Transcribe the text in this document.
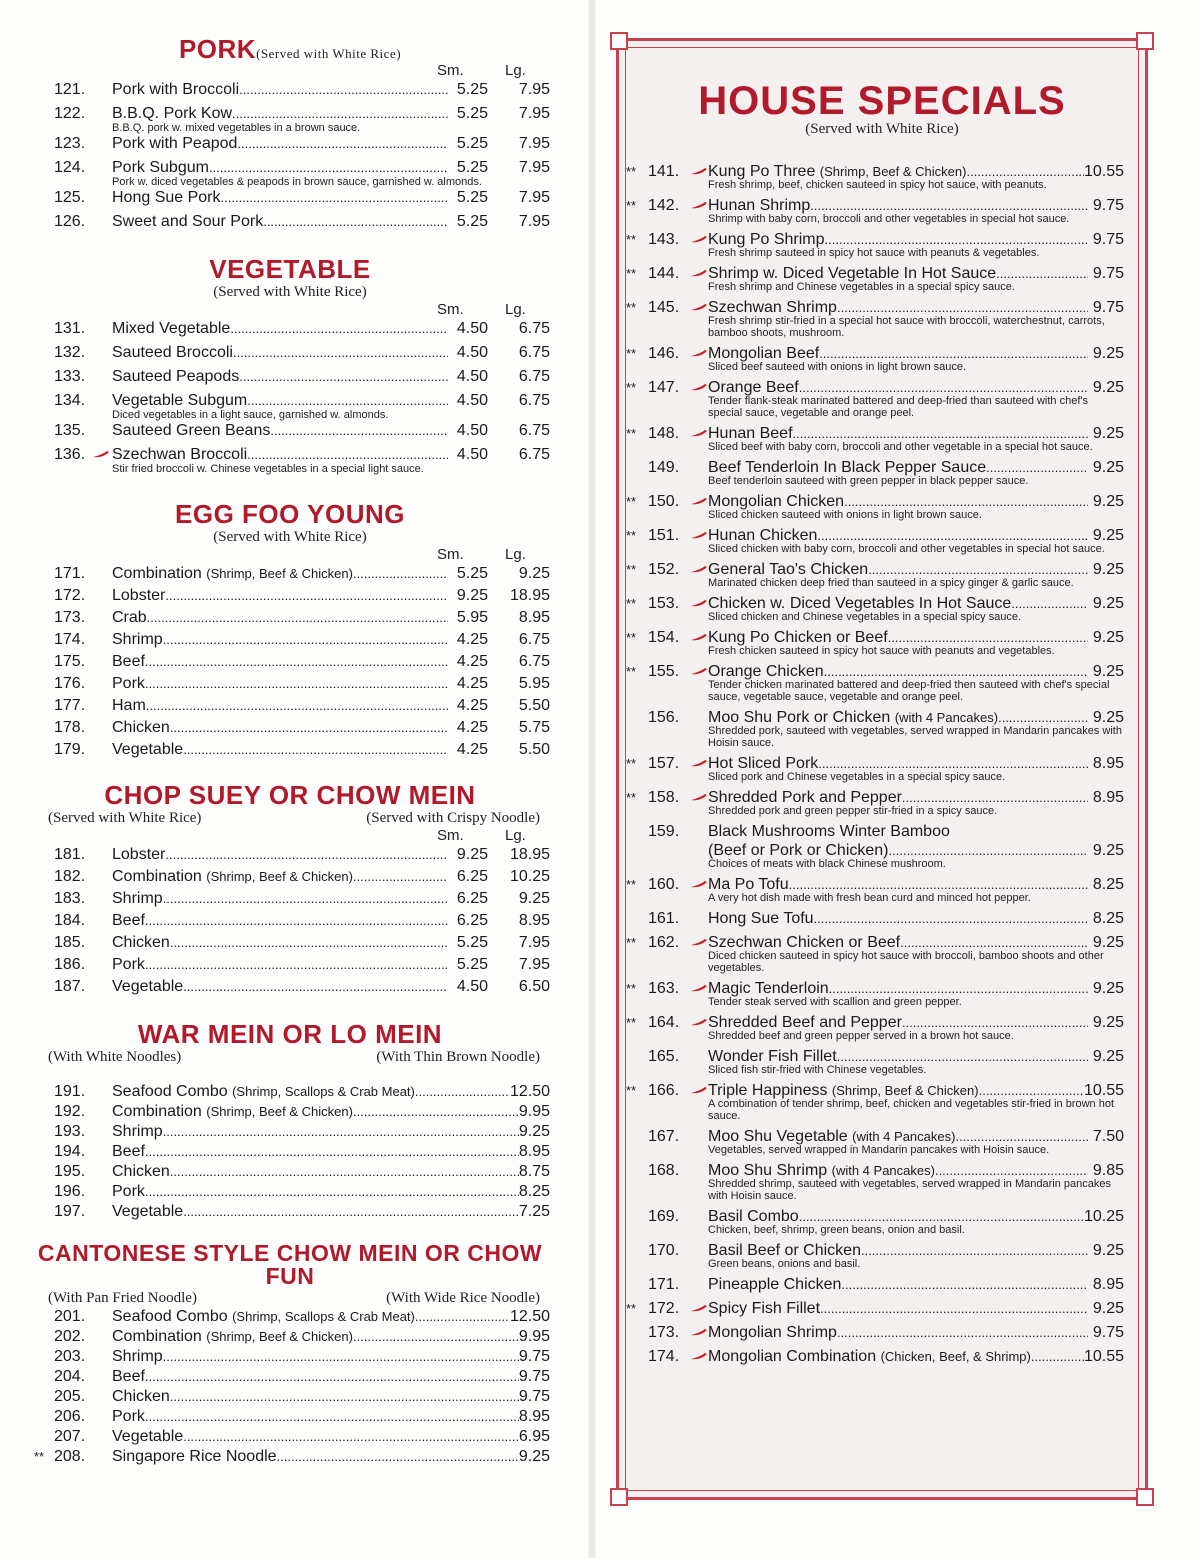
PORK(Served with White Rice)
Sm.	Lg.
121.	Pork with Broccoli .....	5.25	7.95
122.	B.B.Q. Pork Kow .....	5.25	7.95
B.B.Q. pork w. mixed vegetables in a brown sauce.
123.	Pork with Peapod .....	5.25	7.95
124.	Pork Subgum .....	5.25	7.95
Pork w. diced vegetables & peapods in brown sauce, garnished w. almonds.
125.	Hong Sue Pork .....	5.25	7.95
126.	Sweet and Sour Pork .....	5.25	7.95
VEGETABLE
(Served with White Rice)
Sm.	Lg.
131.	Mixed Vegetable .....	4.50	6.75
132.	Sauteed Broccoli .....	4.50	6.75
133.	Sauteed Peapods .....	4.50	6.75
134.	Vegetable Subgum .....	4.50	6.75
Diced vegetables in a light sauce, garnished w. almonds.
135.	Sauteed Green Beans .....	4.50	6.75
136.	Szechwan Broccoli .....	4.50	6.75
Stir fried broccoli w. Chinese vegetables in a special light sauce.
EGG FOO YOUNG
(Served with White Rice)
Sm.	Lg.
171.	Combination
(Shrimp, Beef & Chicken) .....	5.25	9.25
172.	Lobster .....	9.25	18.95
173.	Crab .....	5.95	8.95
174.	Shrimp .....	4.25	6.75
175.	Beef .....	4.25	6.75
176.	Pork .....	4.25	5.95
177.	Ham .....	4.25	5.50
178.	Chicken .....	4.25	5.75
179.	Vegetable .....	4.25	5.50
CHOP SUEY OR CHOW MEIN
(Served with White Rice)	(Served with Crispy Noodle)
Sm.	Lg.
181.	Lobster .....	9.25	18.95
182.	Combination
(Shrimp, Beef & Chicken) .....	6.25	10.25
183.	Shrimp .....	6.25	9.25
184.	Beef .....	6.25	8.95
185.	Chicken .....	5.25	7.95
186.	Pork .....	5.25	7.95
187.	Vegetable .....	4.50	6.50
WAR MEIN OR LO MEIN
(With White Noodles)	(With Thin Brown Noodle)
191.	Seafood Combo
(Shrimp, Scallops & Crab Meat) .....	12.50
192.	Combination
(Shrimp, Beef & Chicken) .....	9.95
193.	Shrimp .....	9.25
194.	Beef .....	8.95
195.	Chicken .....	8.75
196.	Pork .....	8.25
197.	Vegetable .....	7.25
CANTONESE STYLE CHOW MEIN OR CHOW FUN
(With Pan Fried Noodle)	(With Wide Rice Noodle)
201.	Seafood Combo
(Shrimp, Scallops & Crab Meat) .....	12.50
202.	Combination
(Shrimp, Beef & Chicken) .....	9.95
203.	Shrimp .....	9.75
204.	Beef .....	9.75
205.	Chicken .....	9.75
206.	Pork .....	8.95
207.	Vegetable .....	6.95
** 208.	Singapore Rice Noodle .....	9.25
HOUSE SPECIALS
(Served with White Rice)
** 141.	Kung Po Three
(Shrimp, Beef & Chicken) .....	10.55
Fresh shrimp, beef, chicken sauteed in spicy hot sauce, with peanuts.
** 142.	Hunan Shrimp .....	9.75
Shrimp with baby corn, broccoli and other vegetables in special hot sauce.
** 143.	Kung Po Shrimp .....	9.75
Fresh shrimp sauteed in spicy hot sauce with peanuts & vegetables.
** 144.	Shrimp w. Diced Vegetable In Hot Sauce .....	9.75
Fresh shrimp and Chinese vegetables in a special spicy sauce.
** 145.	Szechwan Shrimp .....	9.75
Fresh shrimp stir-fried in a special hot sauce with broccoli, waterchestnut, carrots, bamboo shoots, mushroom.
** 146.	Mongolian Beef .....	9.25
Sliced beef sauteed with onions in light brown sauce.
** 147.	Orange Beef .....	9.25
Tender flank-steak marinated battered and deep-fried than sauteed with chef's special sauce, vegetable and orange peel.
** 148.	Hunan Beef .....	9.25
Sliced beef with baby corn, broccoli and other vegetable in a special hot sauce.
149.	Beef Tenderloin In Black Pepper Sauce .....	9.25
Beef tenderloin sauteed with green pepper in black pepper sauce.
** 150.	Mongolian Chicken .....	9.25
Sliced chicken sauteed with onions in light brown sauce.
** 151.	Hunan Chicken .....	9.25
Sliced chicken with baby corn, broccoli and other vegetables in special hot sauce.
** 152.	General Tao's Chicken .....	9.25
Marinated chicken deep fried than sauteed in a spicy ginger & garlic sauce.
** 153.	Chicken w. Diced Vegetables In Hot Sauce .....	9.25
Sliced chicken and Chinese vegetables in a special spicy sauce.
** 154.	Kung Po Chicken or Beef .....	9.25
Fresh chicken sauteed in spicy hot sauce with peanuts and vegetables.
** 155.	Orange Chicken .....	9.25
Tender chicken marinated battered and deep-fried then sauteed with chef's special sauce, vegetable sauce, vegetable and orange peel.
156.	Moo Shu Pork or Chicken
(with 4 Pancakes) .....	9.25
Shredded pork, sauteed with vegetables, served wrapped in Mandarin pancakes with Hoisin sauce.
** 157.	Hot Sliced Pork .....	8.95
Sliced pork and Chinese vegetables in a special spicy sauce.
** 158.	Shredded Pork and Pepper .....	8.95
Shredded pork and green pepper stir-fried in a spicy sauce.
159.	Black Mushrooms Winter Bamboo
(Beef or Pork or Chicken) .....	9.25
Choices of meats with black Chinese mushroom.
** 160.	Ma Po Tofu .....	8.25
A very hot dish made with fresh bean curd and minced hot pepper.
161.	Hong Sue Tofu .....	8.25
** 162.	Szechwan Chicken or Beef .....	9.25
Diced chicken sauteed in spicy hot sauce with broccoli, bamboo shoots and other vegetables.
** 163.	Magic Tenderloin .....	9.25
Tender steak served with scallion and green pepper.
** 164.	Shredded Beef and Pepper .....	9.25
Shredded beef and green pepper served in a brown hot sauce.
165.	Wonder Fish Fillet .....	9.25
Sliced fish stir-fried with Chinese vegetables.
** 166.	Triple Happiness
(Shrimp, Beef & Chicken) .....	10.55
A combination of tender shrimp, beef, chicken and vegetables stir-fried in brown hot sauce.
167.	Moo Shu Vegetable
(with 4 Pancakes) .....	7.50
Vegetables, served wrapped in Mandarin pancakes with Hoisin sauce.
168.	Moo Shu Shrimp
(with 4 Pancakes) .....	9.85
Shredded shrimp, sauteed with vegetables, served wrapped in Mandarin pancakes with Hoisin sauce.
169.	Basil Combo .....	10.25
Chicken, beef, shrimp, green beans, onion and basil.
170.	Basil Beef or Chicken .....	9.25
Green beans, onions and basil.
171.	Pineapple Chicken .....	8.95
** 172.	Spicy Fish Fillet .....	9.25
173.	Mongolian Shrimp .....	9.75
174.	Mongolian Combination
(Chicken, Beef, & Shrimp) .....	10.55
